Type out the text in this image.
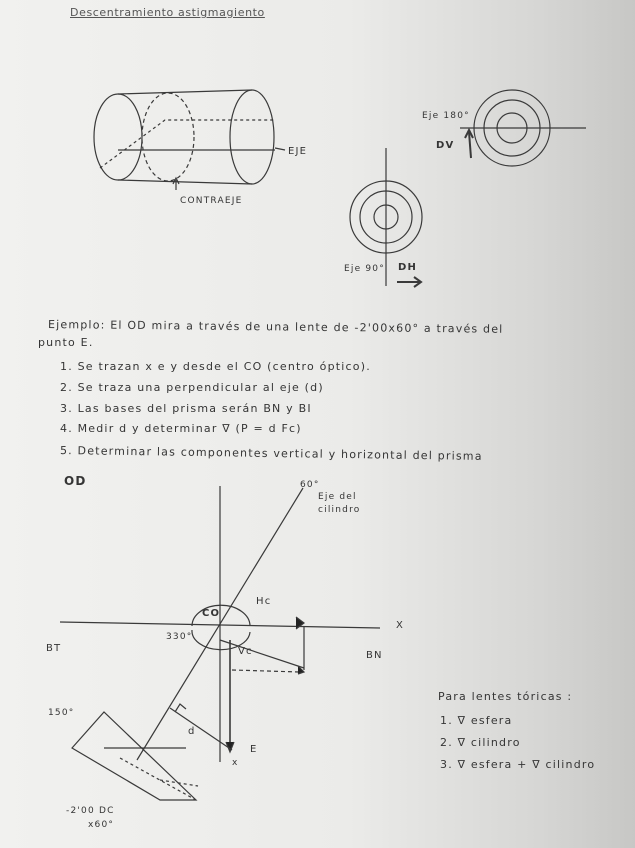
Descentramiento astigmagiento
EJE
CONTRAEJE
Eje 180°
DV
Eje 90° DH
Ejemplo: El OD mira a través de una lente de -2'00x60° a través del
punto E.
1. Se trazan x e y desde el CO (centro óptico).
2. Se traza una perpendicular al eje (d)
3. Las bases del prisma serán BN y BI
4. Medir d y determinar ∇ (P = d Fc)
5. Determinar las componentes vertical y horizontal del prisma
OD	60°
Eje del
cilindro
CO
Hc
X
BT
BN
330°
Vc
d
E
x
150°
-2'00 DC
x60°
Para lentes tóricas :
1. ∇ esfera
2. ∇ cilindro
3. ∇ esfera + ∇ cilindro
